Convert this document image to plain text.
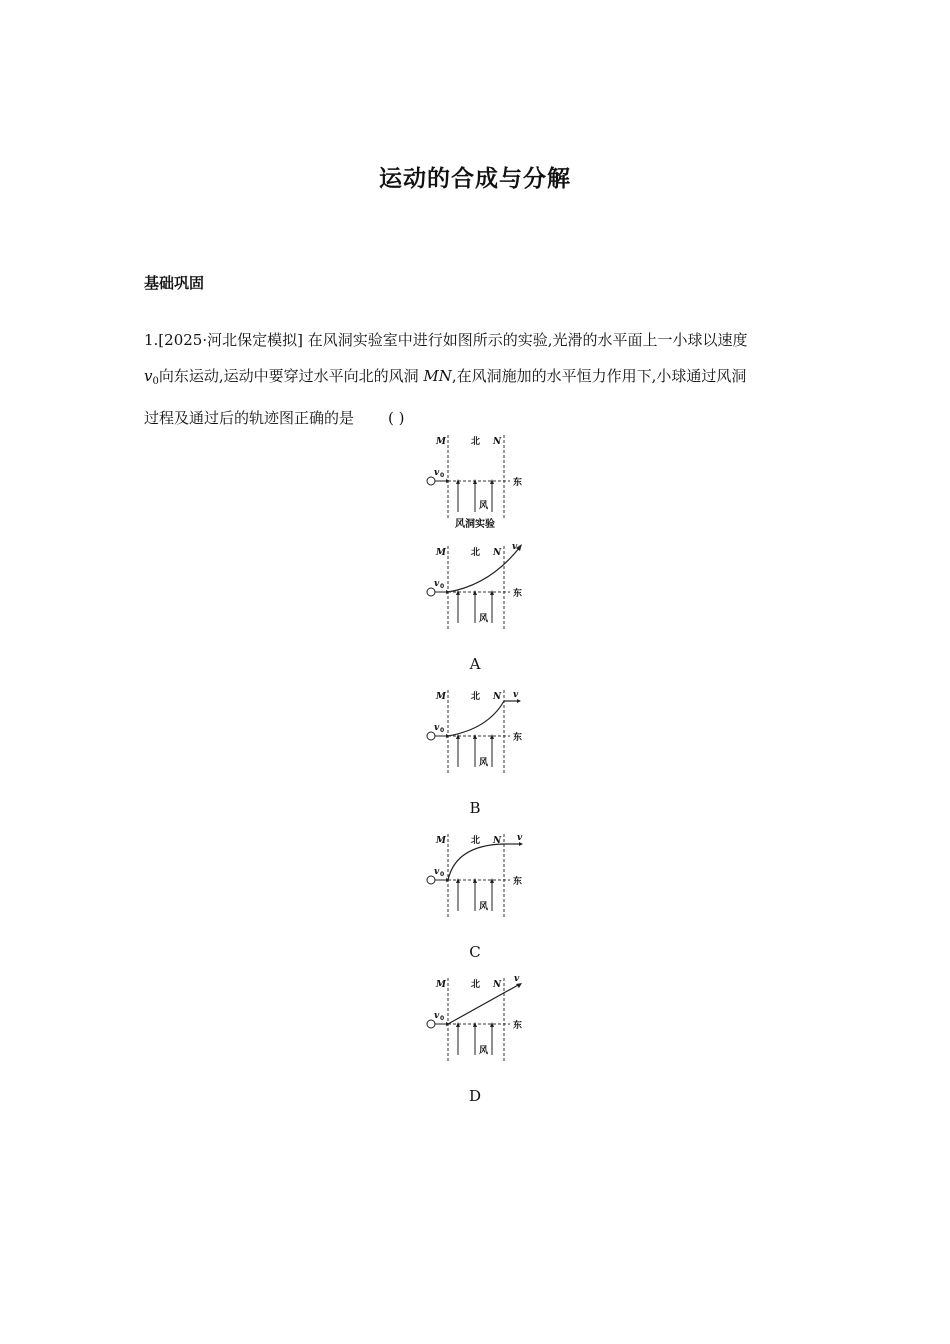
运动的合成与分解
基础巩固
1.[2025·河北保定模拟] 在风洞实验室中进行如图所示的实验,光滑的水平面上一小球以速度
$v_0$向东运动,运动中要穿过水平向北的风洞 MN,在风洞施加的水平恒力作用下,小球通过风洞
过程及通过后的轨迹图正确的是 ( )
M	北 N
v 0
东
风
风洞实验
M	北 N
v
v 0
东
风
A
M	北 N v
v 0
东
风
B
M	北 N v
v 0
东
风
C
M	北 N
v
v 0
东
风
D
